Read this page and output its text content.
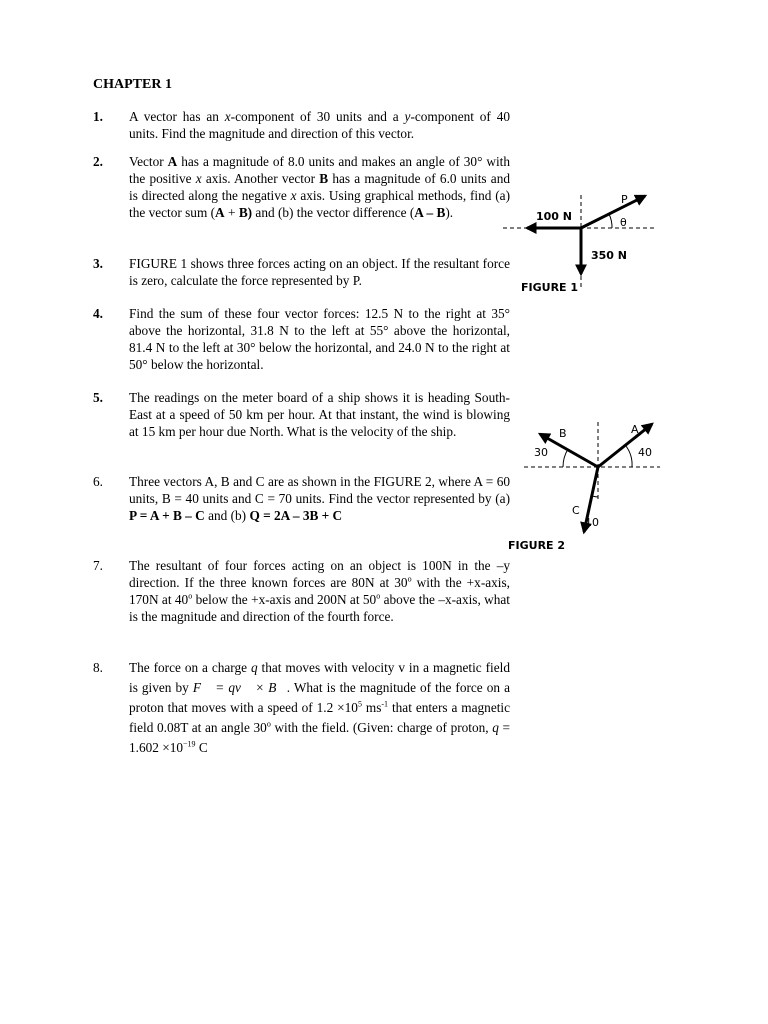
CHAPTER 1
1. A vector has an x-component of 30 units and a y-component of 40 units. Find the magnitude and direction of this vector.
2. Vector A has a magnitude of 8.0 units and makes an angle of 30° with the positive x axis. Another vector B has a magnitude of 6.0 units and is directed along the negative x axis. Using graphical methods, find (a) the vector sum (A + B) and (b) the vector difference (A – B).
3. FIGURE 1 shows three forces acting on an object. If the resultant force is zero, calculate the force represented by P.
4. Find the sum of these four vector forces: 12.5 N to the right at 35° above the horizontal, 31.8 N to the left at 55° above the horizontal, 81.4 N to the left at 30° below the horizontal, and 24.0 N to the right at 50° below the horizontal.
5. The readings on the meter board of a ship shows it is heading South-East at a speed of 50 km per hour. At that instant, the wind is blowing at 15 km per hour due North. What is the velocity of the ship.
6. Three vectors A, B and C are as shown in the FIGURE 2, where A = 60 units, B = 40 units and C = 70 units. Find the vector represented by (a) P = A + B – C and (b) Q = 2A – 3B + C
7. The resultant of four forces acting on an object is 100N in the –y direction. If the three known forces are 80N at 30$^o$ with the +x-axis, 170N at 40$^o$ below the +x-axis and 200N at 50$^o$ above the –x-axis, what is the magnitude and direction of the fourth force.
8. The force on a charge q that moves with velocity v in a magnetic field is given by F⃗ = qv⃗ × B⃗. What is the magnitude of the force on a proton that moves with a speed of $1.2 \times 10^5$ $ms^{-1}$ that enters a magnetic field 0.08T at an angle 30$^o$ with the field. (Given: charge of proton, $q = 1.602 \times 10^{-19}$ C
100 N
350 N
P
θ
A
B
C
40
30
10
FIGURE 1
FIGURE 2
